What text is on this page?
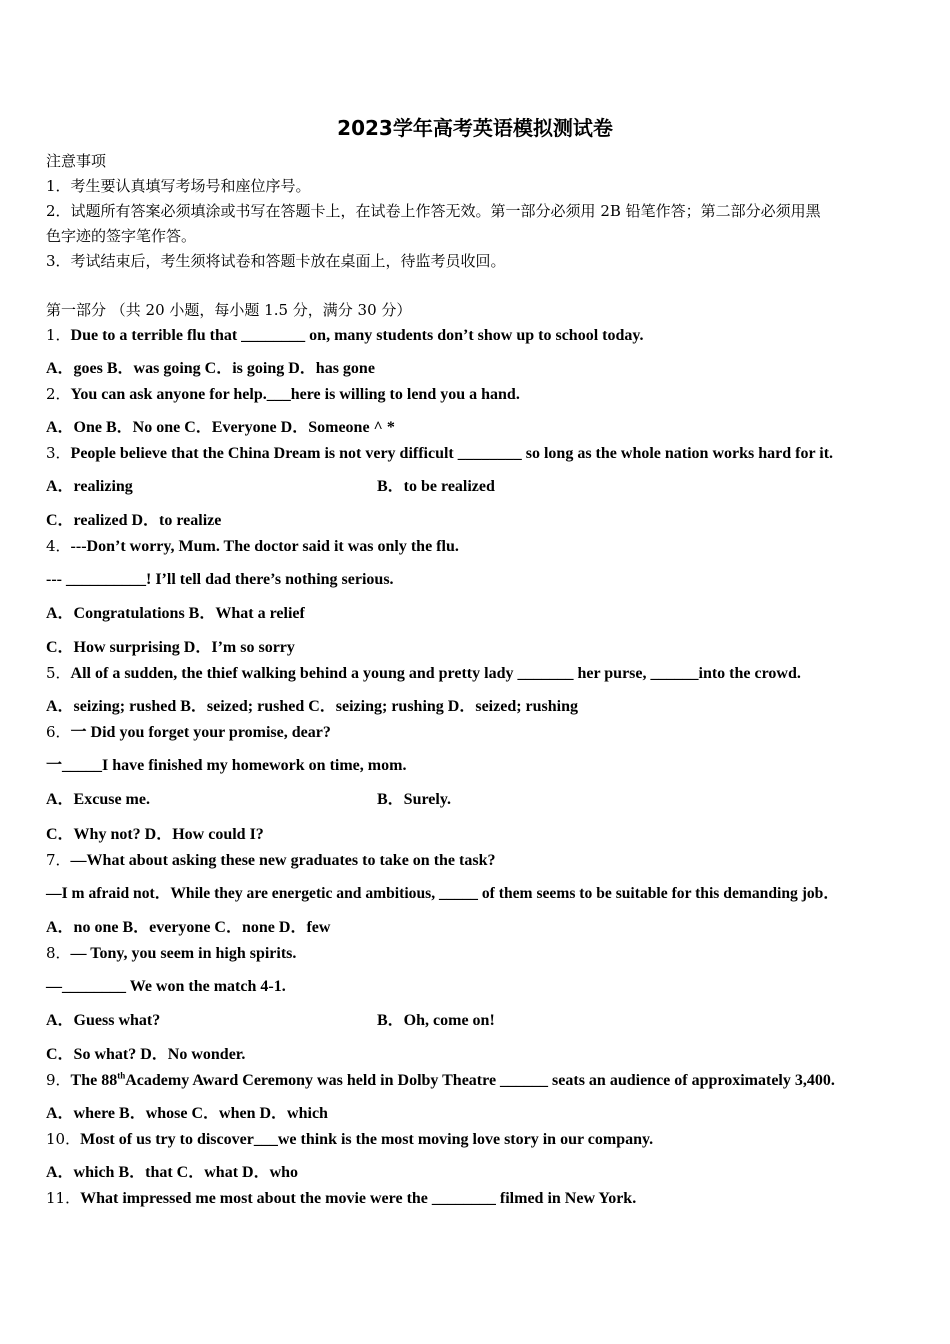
2023学年高考英语模拟测试卷
注意事项
1．考生要认真填写考场号和座位序号。
2．试题所有答案必须填涂或书写在答题卡上，在试卷上作答无效。第一部分必须用 2B 铅笔作答；第二部分必须用黑
色字迹的签字笔作答。
3．考试结束后，考生须将试卷和答题卡放在桌面上，待监考员收回。
第一部分 （共 20 小题，每小题 1.5 分，满分 30 分）
1．Due to a terrible flu that ________ on, many students don’t show up to school today.
A．goes B．was going C．is going D．has gone
2．You can ask anyone for help.___here is willing to lend you a hand.
A．One B．No one C．Everyone D．Someone ^ *
3．People believe that the China Dream is not very difficult ________ so long as the whole nation works hard for it.
A．realizing	B．to be realized
C．realized D．to realize
4．---Don’t worry, Mum. The doctor said it was only the flu.
--- __________! I’ll tell dad there’s nothing serious.
A．Congratulations B．What a relief
C．How surprising D．I’m so sorry
5．All of a sudden, the thief walking behind a young and pretty lady _______ her purse, ______into the crowd.
A．seizing; rushed B．seized; rushed C．seizing; rushing D．seized; rushing
6．一 Did you forget your promise, dear?
一_____I have finished my homework on time, mom.
A．Excuse me.	B．Surely.
C．Why not? D．How could I?
7．—What about asking these new graduates to take on the task?
—I m afraid not．While they are energetic and ambitious, _____ of them seems to be suitable for this demanding job．
A．no one B．everyone C．none D．few
8．— Tony, you seem in high spirits.
—________ We won the match 4-1.
A．Guess what?	B．Oh, come on!
C．So what? D．No wonder.
9．The 88thAcademy Award Ceremony was held in Dolby Theatre ______ seats an audience of approximately 3,400.
A．where B．whose C．when D．which
10．Most of us try to discover___we think is the most moving love story in our company.
A．which B．that C．what D．who
11．What impressed me most about the movie were the ________ filmed in New York.
